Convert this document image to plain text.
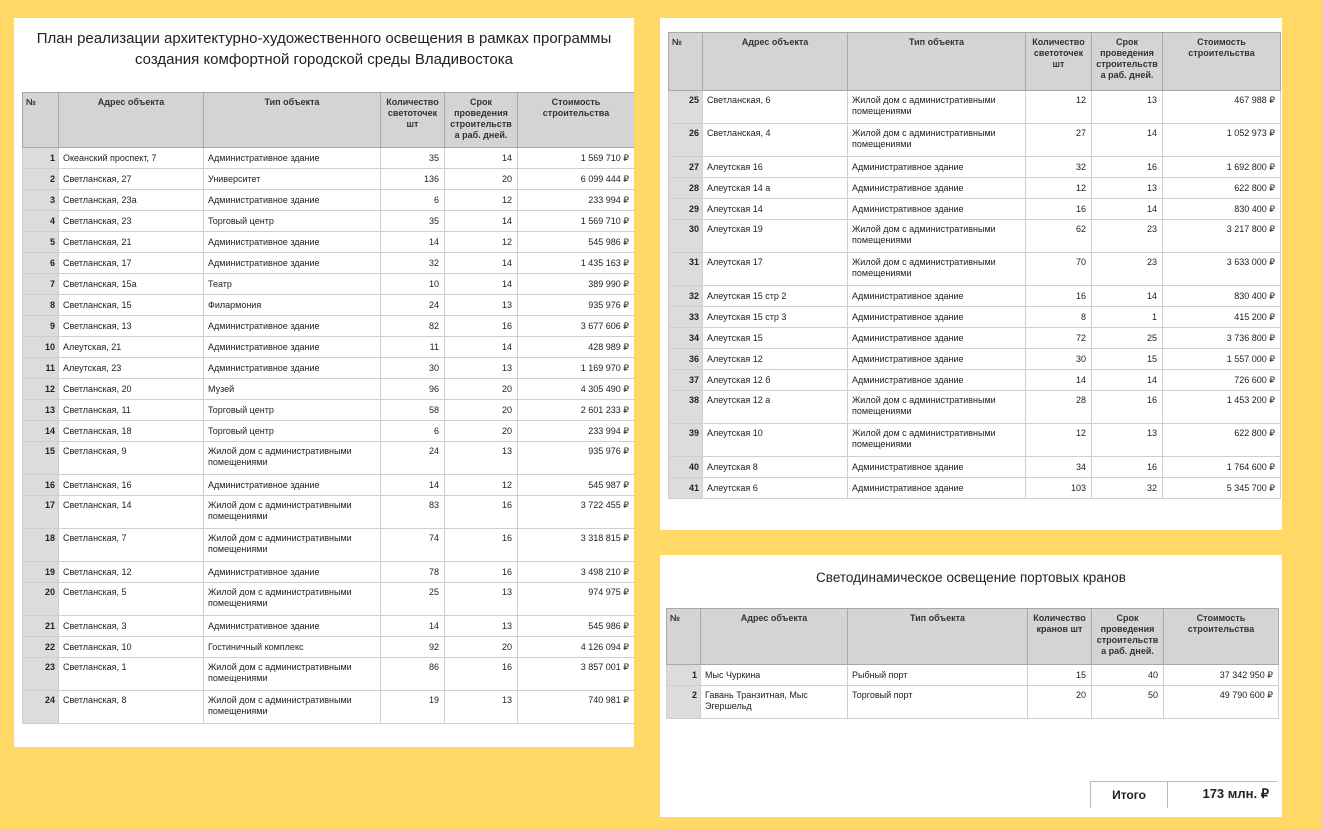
План реализации архитектурно-художественного освещения в рамках программы
создания комфортной городской среды Владивостока
№	Адрес объекта	Тип объекта	Количество светоточек шт	Срок проведения строительств а раб. дней.	Стоимость строительства
1	Океанский проспект, 7	Административное здание	35	14	1 569 710 ₽
2	Светланская, 27	Университет	136	20	6 099 444 ₽
3	Светланская, 23а	Административное здание	6	12	233 994 ₽
4	Светланская, 23	Торговый центр	35	14	1 569 710 ₽
5	Светланская, 21	Административное здание	14	12	545 986 ₽
6	Светланская, 17	Административное здание	32	14	1 435 163 ₽
7	Светланская, 15а	Театр	10	14	389 990 ₽
8	Светланская, 15	Филармония	24	13	935 976 ₽
9	Светланская, 13	Административное здание	82	16	3 677 606 ₽
10	Алеутская, 21	Административное здание	11	14	428 989 ₽
11	Алеутская, 23	Административное здание	30	13	1 169 970 ₽
12	Светланская, 20	Музей	96	20	4 305 490 ₽
13	Светланская, 11	Торговый центр	58	20	2 601 233 ₽
14	Светланская, 18	Торговый центр	6	20	233 994 ₽
15	Светланская, 9	Жилой дом с административными помещениями	24	13	935 976 ₽
16	Светланская, 16	Административное здание	14	12	545 987 ₽
17	Светланская, 14	Жилой дом с административными помещениями	83	16	3 722 455 ₽
18	Светланская, 7	Жилой дом с административными помещениями	74	16	3 318 815 ₽
19	Светланская, 12	Административное здание	78	16	3 498 210 ₽
20	Светланская, 5	Жилой дом с административными помещениями	25	13	974 975 ₽
21	Светланская, 3	Административное здание	14	13	545 986 ₽
22	Светланская, 10	Гостиничный комплекс	92	20	4 126 094 ₽
23	Светланская, 1	Жилой дом с административными помещениями	86	16	3 857 001 ₽
24	Светланская, 8	Жилой дом с административными помещениями	19	13	740 981 ₽
№	Адрес объекта	Тип объекта	Количество светоточек шт	Срок проведения строительств а раб. дней.	Стоимость строительства
25	Светланская, 6	Жилой дом с административными помещениями	12	13	467 988 ₽
26	Светланская, 4	Жилой дом с административными помещениями	27	14	1 052 973 ₽
27	Алеутская 16	Административное здание	32	16	1 692 800 ₽
28	Алеутская 14 а	Административное здание	12	13	622 800 ₽
29	Алеутская 14	Административное здание	16	14	830 400 ₽
30	Алеутская 19	Жилой дом с административными помещениями	62	23	3 217 800 ₽
31	Алеутская 17	Жилой дом с административными помещениями	70	23	3 633 000 ₽
32	Алеутская 15 стр 2	Административное здание	16	14	830 400 ₽
33	Алеутская 15 стр 3	Административное здание	8	1	415 200 ₽
34	Алеутская 15	Административное здание	72	25	3 736 800 ₽
36	Алеутская 12	Административное здание	30	15	1 557 000 ₽
37	Алеутская 12 б	Административное здание	14	14	726 600 ₽
38	Алеутская 12 а	Жилой дом с административными помещениями	28	16	1 453 200 ₽
39	Алеутская 10	Жилой дом с административными помещениями	12	13	622 800 ₽
40	Алеутская 8	Административное здание	34	16	1 764 600 ₽
41	Алеутская 6	Административное здание	103	32	5 345 700 ₽
Светодинамическое освещение портовых кранов
№	Адрес объекта	Тип объекта	Количество кранов шт	Срок проведения строительств а раб. дней.	Стоимость строительства
1	Мыс Чуркина	Рыбный порт	15	40	37 342 950 ₽
2	Гавань Транзитная, Мыс Эгершельд	Торговый порт	20	50	49 790 600 ₽
Итого	173 млн. ₽
